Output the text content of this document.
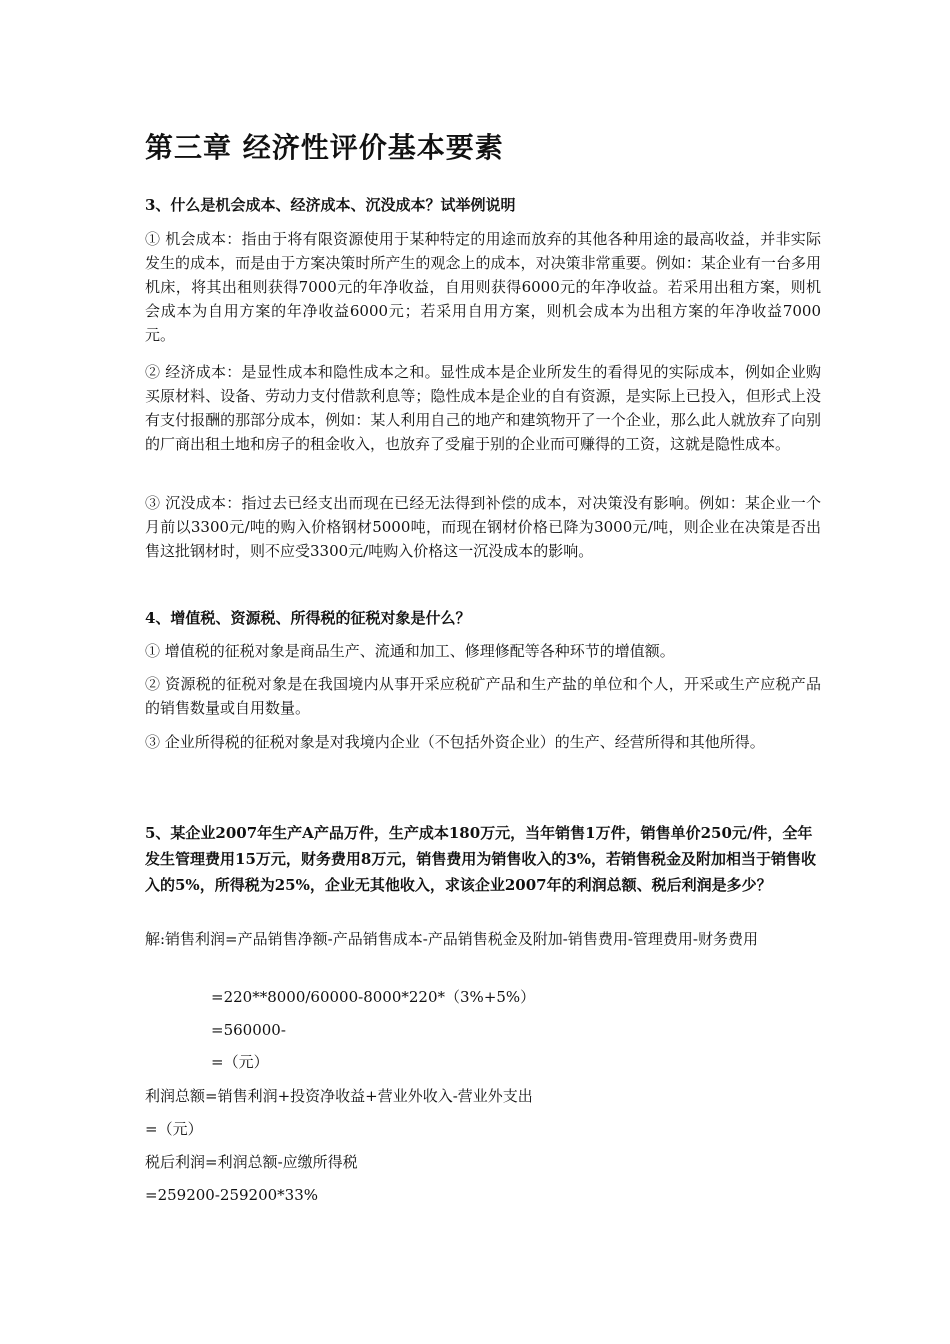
第三章 经济性评价基本要素

3、什么是机会成本、经济成本、沉没成本？试举例说明

① 机会成本：指由于将有限资源使用于某种特定的用途而放弃的其他各种用途的最高收益，并非实际发生的成本，而是由于方案决策时所产生的观念上的成本，对决策非常重要。例如：某企业有一台多用机床，将其出租则获得7000元的年净收益，自用则获得6000元的年净收益。若采用出租方案，则机会成本为自用方案的年净收益6000元；若采用自用方案，则机会成本为出租方案的年净收益7000元。

② 经济成本：是显性成本和隐性成本之和。显性成本是企业所发生的看得见的实际成本，例如企业购买原材料、设备、劳动力支付借款利息等；隐性成本是企业的自有资源，是实际上已投入，但形式上没有支付报酬的那部分成本，例如：某人利用自己的地产和建筑物开了一个企业，那么此人就放弃了向别的厂商出租土地和房子的租金收入，也放弃了受雇于别的企业而可赚得的工资，这就是隐性成本。

③ 沉没成本：指过去已经支出而现在已经无法得到补偿的成本，对决策没有影响。例如：某企业一个月前以3300元/吨的购入价格钢材5000吨，而现在钢材价格已降为3000元/吨，则企业在决策是否出售这批钢材时，则不应受3300元/吨购入价格这一沉没成本的影响。

4、增值税、资源税、所得税的征税对象是什么？

① 增值税的征税对象是商品生产、流通和加工、修理修配等各种环节的增值额。

② 资源税的征税对象是在我国境内从事开采应税矿产品和生产盐的单位和个人，开采或生产应税产品的销售数量或自用数量。

③ 企业所得税的征税对象是对我境内企业（不包括外资企业）的生产、经营所得和其他所得。

5、某企业2007年生产A产品万件，生产成本180万元，当年销售1万件，销售单价250元/件，全年发生管理费用15万元，财务费用8万元，销售费用为销售收入的3%，若销售税金及附加相当于销售收入的5%，所得税为25%，企业无其他收入，求该企业2007年的利润总额、税后利润是多少？

解:销售利润=产品销售净额-产品销售成本-产品销售税金及附加-销售费用-管理费用-财务费用

=220**8000/60000-8000*220*（3%+5%）

=560000-

=（元）

利润总额=销售利润+投资净收益+营业外收入-营业外支出

=（元）

税后利润=利润总额-应缴所得税

=259200-259200*33%
